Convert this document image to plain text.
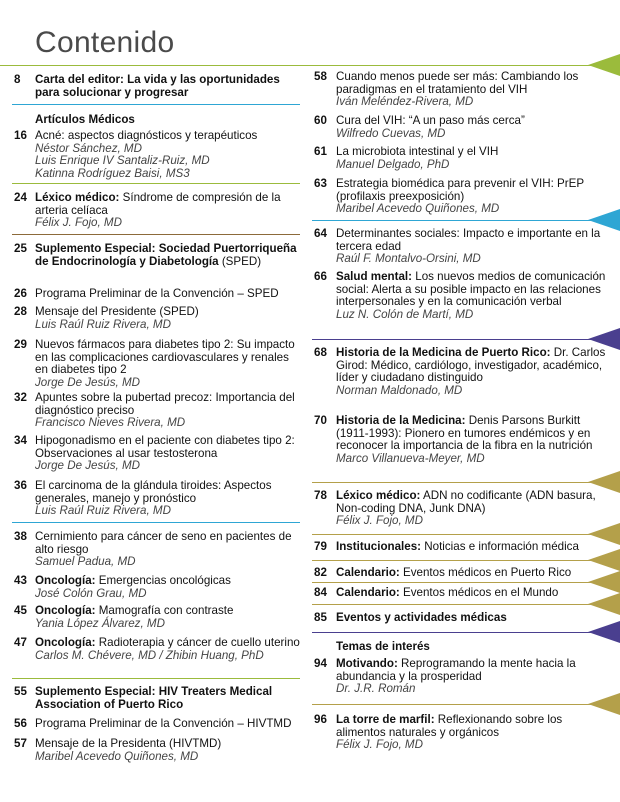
Contenido
8 Carta del editor: La vida y las oportunidades para solucionar y progresar
Artículos Médicos
16 Acné: aspectos diagnósticos y terapéuticos
Néstor Sánchez, MD
Luis Enrique IV Santaliz-Ruiz, MD
Katinna Rodríguez Baisi, MS3
24 Léxico médico: Síndrome de compresión de la arteria celíaca
Félix J. Fojo, MD
25 Suplemento Especial: Sociedad Puertorriqueña de Endocrinología y Diabetología (SPED)
26 Programa Preliminar de la Convención – SPED
28 Mensaje del Presidente (SPED)
Luis Raúl Ruiz Rivera, MD
29 Nuevos fármacos para diabetes tipo 2: Su impacto en las complicaciones cardiovasculares y renales en diabetes tipo 2
Jorge De Jesús, MD
32 Apuntes sobre la pubertad precoz: Importancia del diagnóstico preciso
Francisco Nieves Rivera, MD
34 Hipogonadismo en el paciente con diabetes tipo 2: Observaciones al usar testosterona
Jorge De Jesús, MD
36 El carcinoma de la glándula tiroides: Aspectos generales, manejo y pronóstico
Luis Raúl Ruiz Rivera, MD
38 Cernimiento para cáncer de seno en pacientes de alto riesgo
Samuel Padua, MD
43 Oncología: Emergencias oncológicas
José Colón Grau, MD
45 Oncología: Mamografía con contraste
Yania López Álvarez, MD
47 Oncología: Radioterapia y cáncer de cuello uterino
Carlos M. Chévere, MD / Zhibin Huang, PhD
55 Suplemento Especial: HIV Treaters Medical Association of Puerto Rico
56 Programa Preliminar de la Convención – HIVTMD
57 Mensaje de la Presidenta (HIVTMD)
Maribel Acevedo Quiñones, MD
58 Cuando menos puede ser más: Cambiando los paradigmas en el tratamiento del VIH
Iván Meléndez-Rivera, MD
60 Cura del VIH: “A un paso más cerca”
Wilfredo Cuevas, MD
61 La microbiota intestinal y el VIH
Manuel Delgado, PhD
63 Estrategia biomédica para prevenir el VIH: PrEP (profilaxis preexposición)
Maribel Acevedo Quiñones, MD
64 Determinantes sociales: Impacto e importante en la tercera edad
Raúl F. Montalvo-Orsini, MD
66 Salud mental: Los nuevos medios de comunicación social: Alerta a su posible impacto en las relaciones interpersonales y en la comunicación verbal
Luz N. Colón de Martí, MD
68 Historia de la Medicina de Puerto Rico: Dr. Carlos Girod: Médico, cardiólogo, investigador, académico, líder y ciudadano distinguido
Norman Maldonado, MD
70 Historia de la Medicina: Denis Parsons Burkitt (1911-1993): Pionero en tumores endémicos y en reconocer la importancia de la fibra en la nutrición
Marco Villanueva-Meyer, MD
78 Léxico médico: ADN no codificante (ADN basura, Non-coding DNA, Junk DNA)
Félix J. Fojo, MD
79 Institucionales: Noticias e información médica
82 Calendario: Eventos médicos en Puerto Rico
84 Calendario: Eventos médicos en el Mundo
85 Eventos y actividades médicas
Temas de interés
94 Motivando: Reprogramando la mente hacia la abundancia y la prosperidad
Dr. J.R. Román
96 La torre de marfil: Reflexionando sobre los alimentos naturales y orgánicos
Félix J. Fojo, MD
